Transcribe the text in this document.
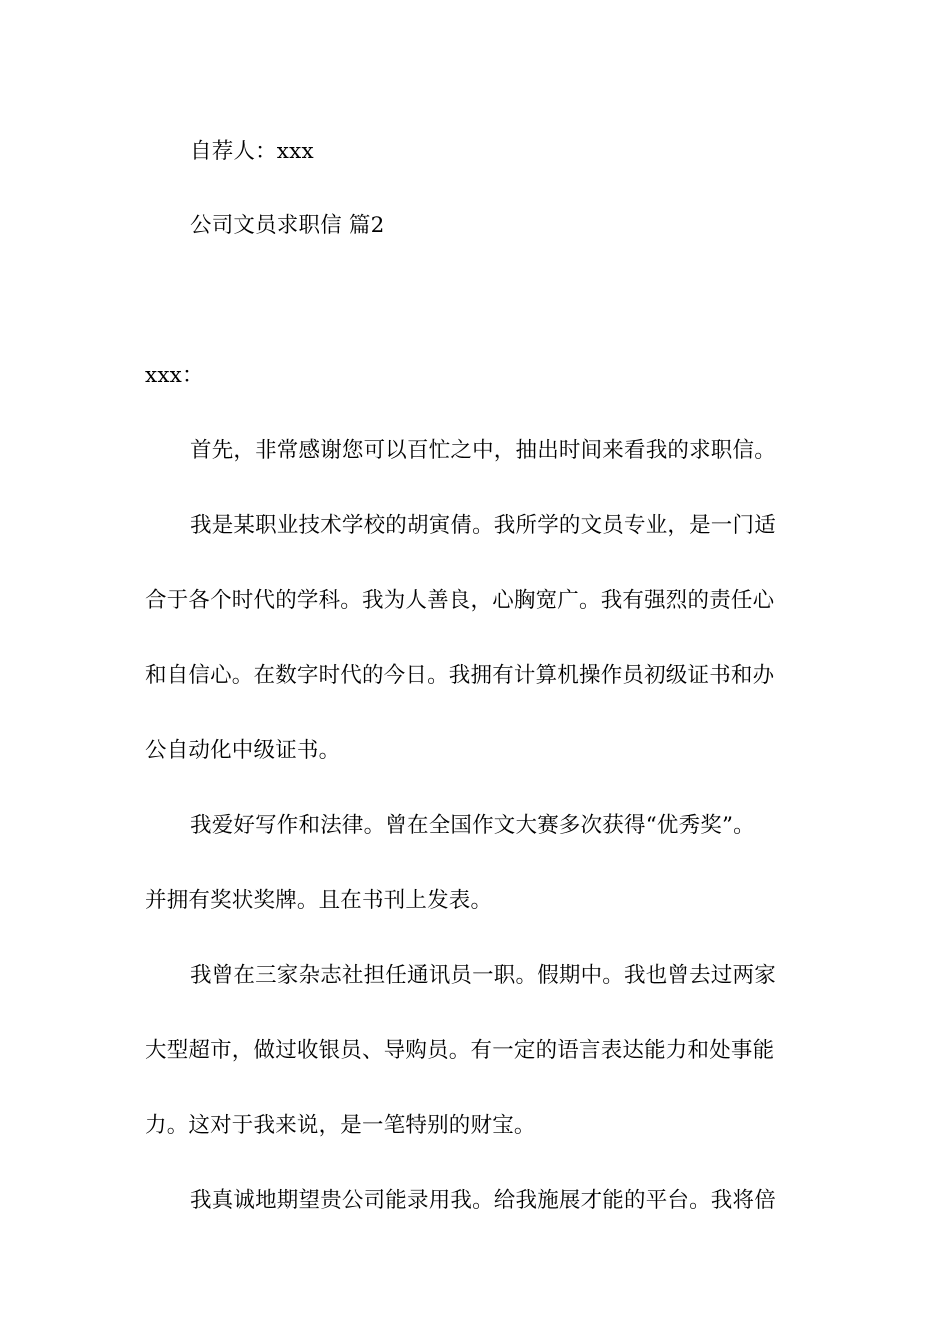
自荐人：xxx
公司文员求职信 篇2
xxx：
首先，非常感谢您可以百忙之中，抽出时间来看我的求职信。
我是某职业技术学校的胡寅倩。我所学的文员专业，是一门适
合于各个时代的学科。我为人善良，心胸宽广。我有强烈的责任心
和自信心。在数字时代的今日。我拥有计算机操作员初级证书和办
公自动化中级证书。
我爱好写作和法律。曾在全国作文大赛多次获得“优秀奖”。
并拥有奖状奖牌。且在书刊上发表。
我曾在三家杂志社担任通讯员一职。假期中。我也曾去过两家
大型超市，做过收银员、导购员。有一定的语言表达能力和处事能
力。这对于我来说，是一笔特别的财宝。
我真诚地期望贵公司能录用我。给我施展才能的平台。我将倍
